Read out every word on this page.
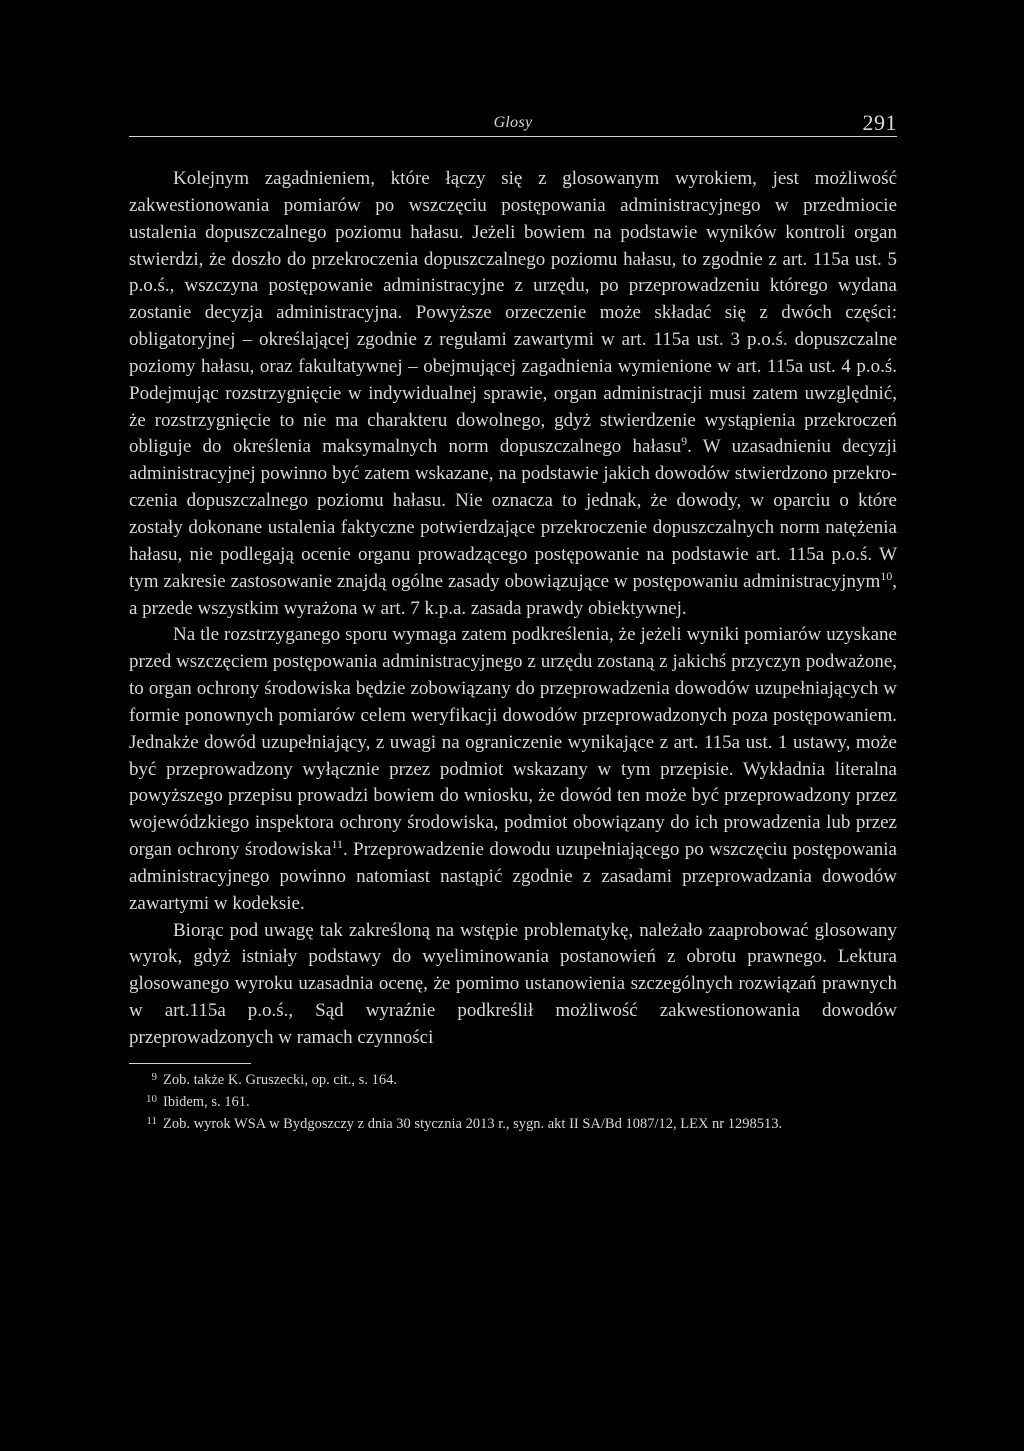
Glosy	291

Kolejnym zagadnieniem, które łączy się z glosowanym wyrokiem, jest możliwość zakwestionowania pomiarów po wszczęciu postępowania administracyjnego w przedmiocie ustalenia dopuszczalnego poziomu hałasu. Jeżeli bowiem na podstawie wyników kontroli organ stwierdzi, że doszło do przekroczenia dopuszczalnego poziomu hałasu, to zgodnie z art. 115a ust. 5 p.o.ś., wszczyna postępowanie administracyjne z urzędu, po przeprowadzeniu którego wydana zostanie decyzja administracyjna. Powyższe orzeczenie może składać się z dwóch części: obligatoryjnej – określającej zgodnie z regułami zawartymi w art. 115a ust. 3 p.o.ś. dopuszczalne poziomy hałasu, oraz fakultatywnej – obejmującej zagadnienia wymienione w art. 115a ust. 4 p.o.ś. Podejmując rozstrzygnięcie w indywidualnej sprawie, organ administracji musi zatem uwzględnić, że rozstrzygnięcie to nie ma charakteru dowolnego, gdyż stwierdzenie wystąpienia przekroczeń obliguje do określenia maksymalnych norm dopuszczalnego hałasu$^9$. W uzasadnieniu decyzji administracyjnej powinno być zatem wskazane, na podstawie jakich dowodów stwierdzono przekroczenia dopuszczalnego poziomu hałasu. Nie oznacza to jednak, że dowody, w oparciu o które zostały dokonane ustalenia faktyczne potwierdzające przekroczenie dopuszczalnych norm natężenia hałasu, nie podlegają ocenie organu prowadzącego postępowanie na podstawie art. 115a p.o.ś. W tym zakresie zastosowanie znajdą ogólne zasady obowiązujące w postępowaniu administracyjnym$^{10}$, a przede wszystkim wyrażona w art. 7 k.p.a. zasada prawdy obiektywnej.

Na tle rozstrzyganego sporu wymaga zatem podkreślenia, że jeżeli wyniki pomiarów uzyskane przed wszczęciem postępowania administracyjnego z urzędu zostaną z jakichś przyczyn podważone, to organ ochrony środowiska będzie zobowiązany do przeprowadzenia dowodów uzupełniających w formie ponownych pomiarów celem weryfikacji dowodów przeprowadzonych poza postępowaniem. Jednakże dowód uzupełniający, z uwagi na ograniczenie wynikające z art. 115a ust. 1 ustawy, może być przeprowadzony wyłącznie przez podmiot wskazany w tym przepisie. Wykładnia literalna powyższego przepisu prowadzi bowiem do wniosku, że dowód ten może być przeprowadzony przez wojewódzkiego inspektora ochrony środowiska, podmiot obowiązany do ich prowadzenia lub przez organ ochrony środowiska$^{11}$. Przeprowadzenie dowodu uzupełniającego po wszczęciu postępowania administracyjnego powinno natomiast nastąpić zgodnie z zasadami przeprowadzania dowodów zawartymi w kodeksie.

Biorąc pod uwagę tak zakreśloną na wstępie problematykę, należało zaaprobować glosowany wyrok, gdyż istniały podstawy do wyeliminowania postanowień z obrotu prawnego. Lektura glosowanego wyroku uzasadnia ocenę, że pomimo ustanowienia szczególnych rozwiązań prawnych w art.115a p.o.ś., Sąd wyraźnie podkreślił możliwość zakwestionowania dowodów przeprowadzonych w ramach czynności

9 Zob. także K. Gruszecki, op. cit., s. 164.
10 Ibidem, s. 161.
11 Zob. wyrok WSA w Bydgoszczy z dnia 30 stycznia 2013 r., sygn. akt II SA/Bd 1087/12, LEX nr 1298513.
